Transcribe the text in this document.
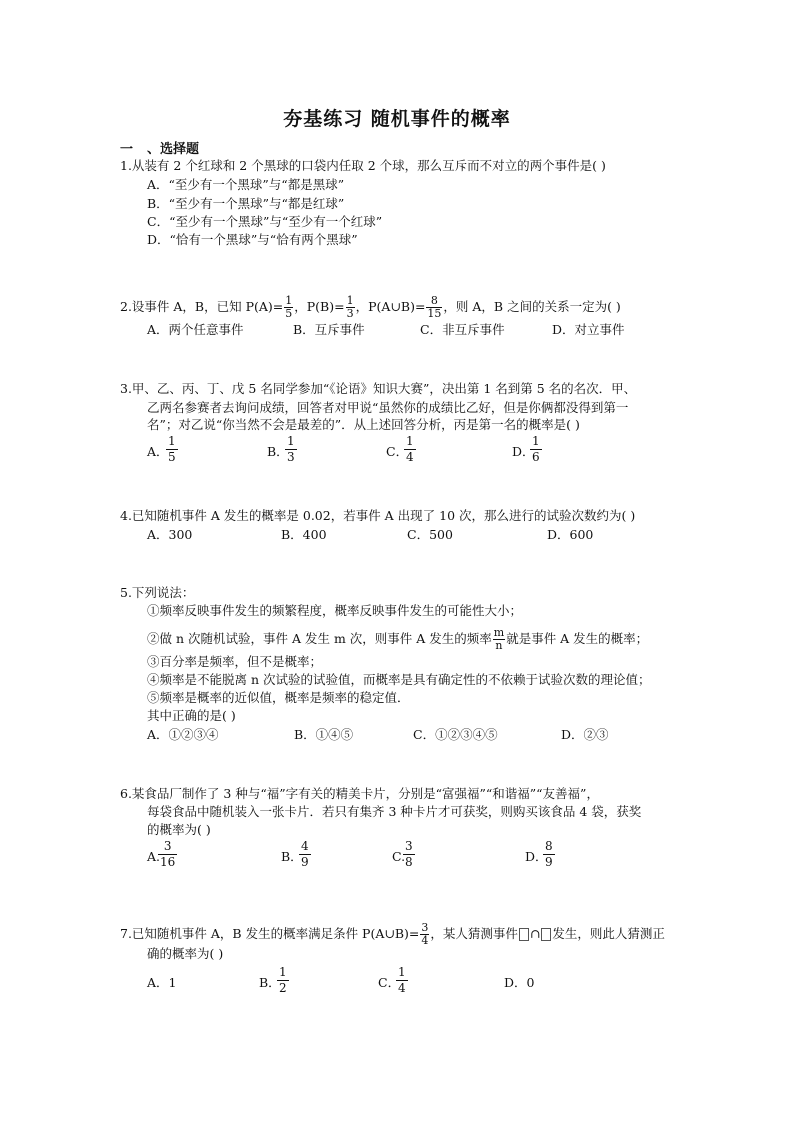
夯基练习 随机事件的概率
一 、选择题
1.从装有 2 个红球和 2 个黑球的口袋内任取 2 个球，那么互斥而不对立的两个事件是( )
A．“至少有一个黑球”与“都是黑球”
B．“至少有一个黑球”与“都是红球”
C．“至少有一个黑球”与“至少有一个红球”
D．“恰有一个黑球”与“恰有两个黑球”
2.设事件 A，B，已知 $P(A)= \frac{1}{5}$ ，$P(B)= \frac{1}{3}$ ，P(A∪B)= $\frac{8}{15}$ ，则 A，B 之间的关系一定为( )
A．两个任意事件	B．互斥事件	C．非互斥事件	D．对立事件
3.甲、乙、丙、丁、戊 5 名同学参加“《论语》知识大赛”，决出第 1 名到第 5 名的名次．甲、
乙两名参赛者去询问成绩，回答者对甲说“虽然你的成绩比乙好，但是你俩都没得到第一
名”；对乙说“你当然不会是最差的”．从上述回答分析，丙是第一名的概率是( )
A．
$\frac{1}{5}$	B．
$\frac{1}{3}$	C．
$\frac{1}{4}$	D．
$\frac{1}{6}$
4.已知随机事件 A 发生的概率是 0.02，若事件 A 出现了 10 次，那么进行的试验次数约为( )
A．300	B．400	C．500	D．600
5.下列说法：
①频率反映事件发生的频繁程度，概率反映事件发生的可能性大小；
②做 n 次随机试验，事件 A 发生 m 次，则事件 A 发生的频率 $\frac{m}{n}$ 就是事件 A 发生的概率；
③百分率是频率，但不是概率；
④频率是不能脱离 n 次试验的试验值，而概率是具有确定性的不依赖于试验次数的理论值；
⑤频率是概率的近似值，概率是频率的稳定值．
其中正确的是( )
A．①②③④	B．①④⑤	C．①②③④⑤	D．②③
6.某食品厂制作了 3 种与“福”字有关的精美卡片，分别是“富强福”“和谐福”“友善福”，
每袋食品中随机装入一张卡片．若只有集齐 3 种卡片才可获奖，则购买该食品 4 袋，获奖
的概率为( )
A.
$\frac{3}{16}$	B．
$\frac{4}{9}$	C.
$\frac{3}{8}$	D．
$\frac{8}{9}$
7.已知随机事件 A，B 发生的概率满足条件 P(A∪B)= $\frac{3}{4}$ ，某人猜测事件 ∩ 发生，则此人猜测正
确的概率为( )
A．1	B．
$\frac{1}{2}$	C．
$\frac{1}{4}$	D．0
